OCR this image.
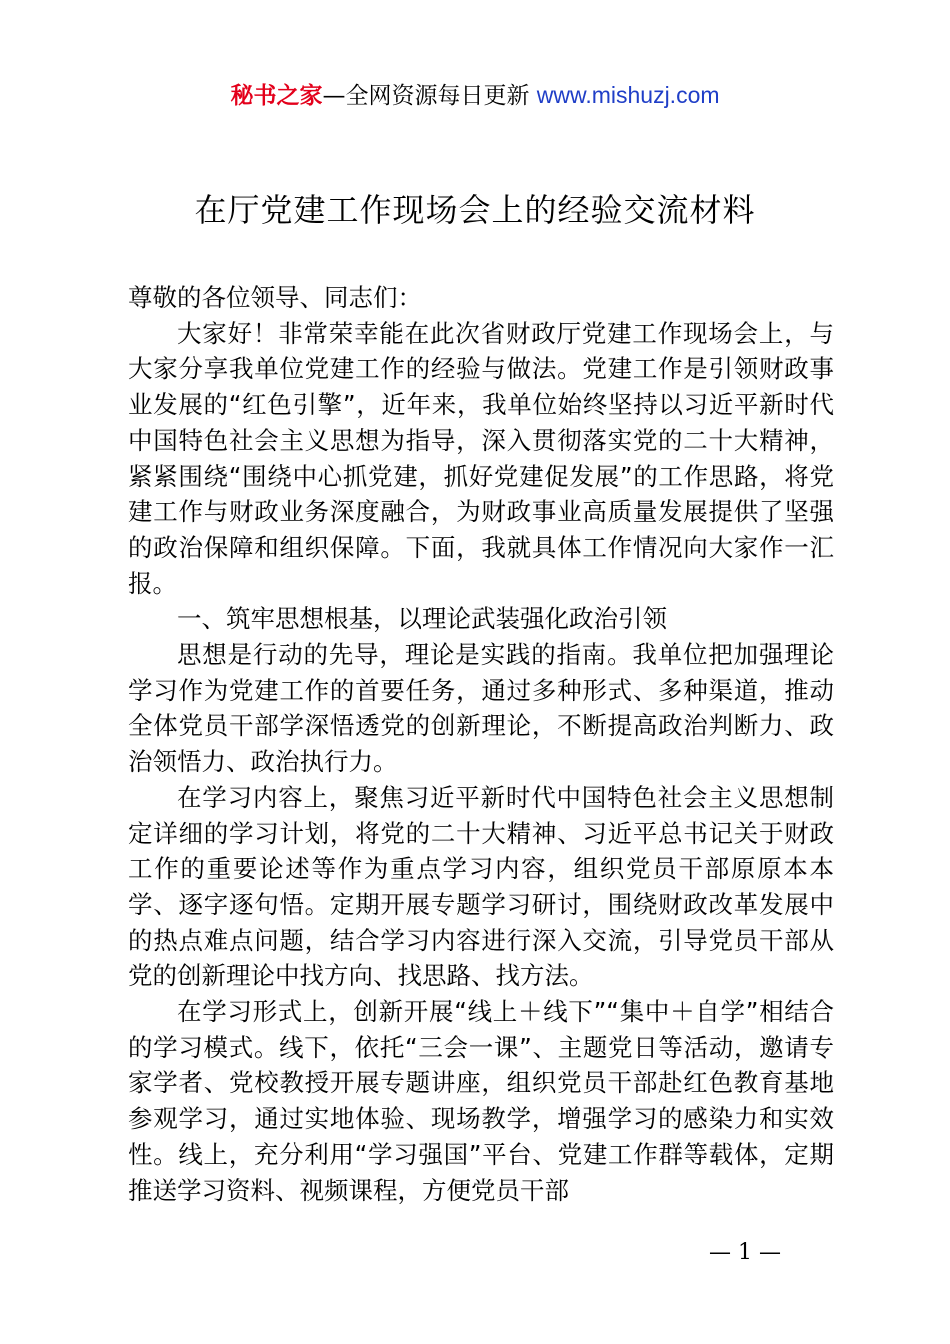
秘书之家—全网资源每日更新 www.mishuzj.com
在厅党建工作现场会上的经验交流材料

尊敬的各位领导、同志们：

大家好！非常荣幸能在此次省财政厅党建工作现场会上，与大家分享我单位党建工作的经验与做法。党建工作是引领财政事业发展的“红色引擎”，近年来，我单位始终坚持以习近平新时代中国特色社会主义思想为指导，深入贯彻落实党的二十大精神，紧紧围绕“围绕中心抓党建，抓好党建促发展”的工作思路，将党建工作与财政业务深度融合，为财政事业高质量发展提供了坚强的政治保障和组织保障。下面，我就具体工作情况向大家作一汇报。

一、筑牢思想根基，以理论武装强化政治引领

思想是行动的先导，理论是实践的指南。我单位把加强理论学习作为党建工作的首要任务，通过多种形式、多种渠道，推动全体党员干部学深悟透党的创新理论，不断提高政治判断力、政治领悟力、政治执行力。

在学习内容上，聚焦习近平新时代中国特色社会主义思想制定详细的学习计划，将党的二十大精神、习近平总书记关于财政工作的重要论述等作为重点学习内容，组织党员干部原原本本学、逐字逐句悟。定期开展专题学习研讨，围绕财政改革发展中的热点难点问题，结合学习内容进行深入交流，引导党员干部从党的创新理论中找方向、找思路、找方法。

在学习形式上，创新开展“线上＋线下”“集中＋自学”相结合的学习模式。线下，依托“三会一课”、主题党日等活动，邀请专家学者、党校教授开展专题讲座，组织党员干部赴红色教育基地参观学习，通过实地体验、现场教学，增强学习的感染力和实效性。线上，充分利用“学习强国”平台、党建工作群等载体，定期推送学习资料、视频课程，方便党员干部

— 1 —
